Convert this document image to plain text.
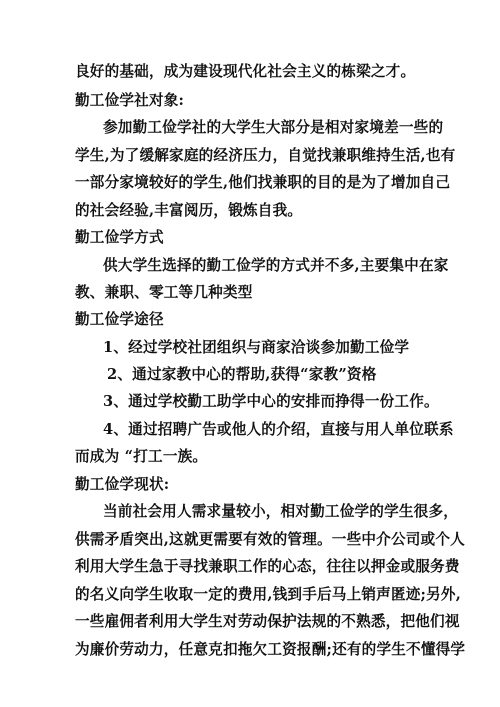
良好的基础，成为建设现代化社会主义的栋梁之才。
勤工俭学社对象:
参加勤工俭学社的大学生大部分是相对家境差一些的
学生,为了缓解家庭的经济压力，自觉找兼职维持生活,也有
一部分家境较好的学生,他们找兼职的目的是为了增加自己
的社会经验,丰富阅历，锻炼自我。
勤工俭学方式
供大学生选择的勤工俭学的方式并不多,主要集中在家
教、兼职、零工等几种类型
勤工俭学途径
1、经过学校社团组织与商家洽谈参加勤工俭学
2、通过家教中心的帮助,获得“家教”资格
3、通过学校勤工助学中心的安排而挣得一份工作。
4、通过招聘广告或他人的介绍，直接与用人单位联系
而成为 “打工一族。
勤工俭学现状:
当前社会用人需求量较小，相对勤工俭学的学生很多，
供需矛盾突出,这就更需要有效的管理。一些中介公司或个人
利用大学生急于寻找兼职工作的心态，往往以押金或服务费
的名义向学生收取一定的费用,钱到手后马上销声匿迹;另外,
一些雇佣者利用大学生对劳动保护法规的不熟悉，把他们视
为廉价劳动力，任意克扣拖欠工资报酬;还有的学生不懂得学
